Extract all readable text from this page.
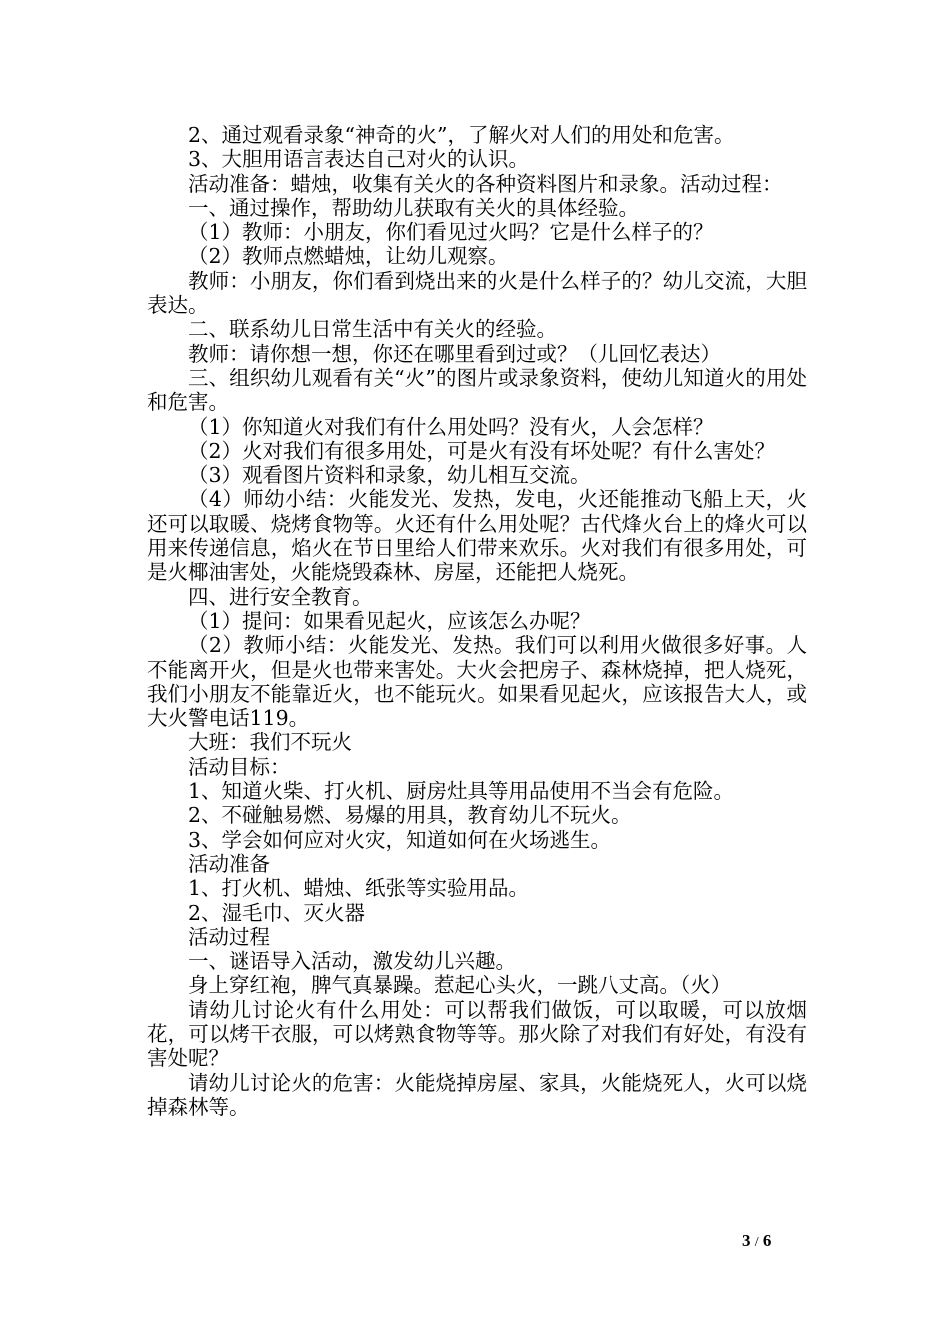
2、通过观看录象“神奇的火”，了解火对人们的用处和危害。

3、大胆用语言表达自己对火的认识。

活动准备：蜡烛，收集有关火的各种资料图片和录象。活动过程：

一、通过操作，帮助幼儿获取有关火的具体经验。

（1）教师：小朋友，你们看见过火吗？它是什么样子的？

（2）教师点燃蜡烛，让幼儿观察。

教师：小朋友，你们看到烧出来的火是什么样子的？幼儿交流，大胆表达。

二、联系幼儿日常生活中有关火的经验。

教师：请你想一想，你还在哪里看到过或？（儿回忆表达）

三、组织幼儿观看有关“火”的图片或录象资料，使幼儿知道火的用处和危害。

（1）你知道火对我们有什么用处吗？没有火，人会怎样？

（2）火对我们有很多用处，可是火有没有坏处呢？有什么害处？

（3）观看图片资料和录象，幼儿相互交流。

（4）师幼小结：火能发光、发热，发电，火还能推动飞船上天，火还可以取暖、烧烤食物等。火还有什么用处呢？古代烽火台上的烽火可以用来传递信息，焰火在节日里给人们带来欢乐。火对我们有很多用处，可是火椰油害处，火能烧毁森林、房屋，还能把人烧死。

四、进行安全教育。

（1）提问：如果看见起火，应该怎么办呢？

（2）教师小结：火能发光、发热。我们可以利用火做很多好事。人不能离开火，但是火也带来害处。大火会把房子、森林烧掉，把人烧死，我们小朋友不能靠近火，也不能玩火。如果看见起火，应该报告大人，或大火警电话119。

大班：我们不玩火

活动目标：

1、知道火柴、打火机、厨房灶具等用品使用不当会有危险。

2、不碰触易燃、易爆的用具，教育幼儿不玩火。

3、学会如何应对火灾，知道如何在火场逃生。

活动准备

1、打火机、蜡烛、纸张等实验用品。

2、湿毛巾、灭火器

活动过程

一、谜语导入活动，激发幼儿兴趣。

身上穿红袍，脾气真暴躁。惹起心头火，一跳八丈高。（火）

请幼儿讨论火有什么用处：可以帮我们做饭，可以取暖，可以放烟花，可以烤干衣服，可以烤熟食物等等。那火除了对我们有好处，有没有害处呢？

请幼儿讨论火的危害：火能烧掉房屋、家具，火能烧死人，火可以烧掉森林等。

3 / 6
